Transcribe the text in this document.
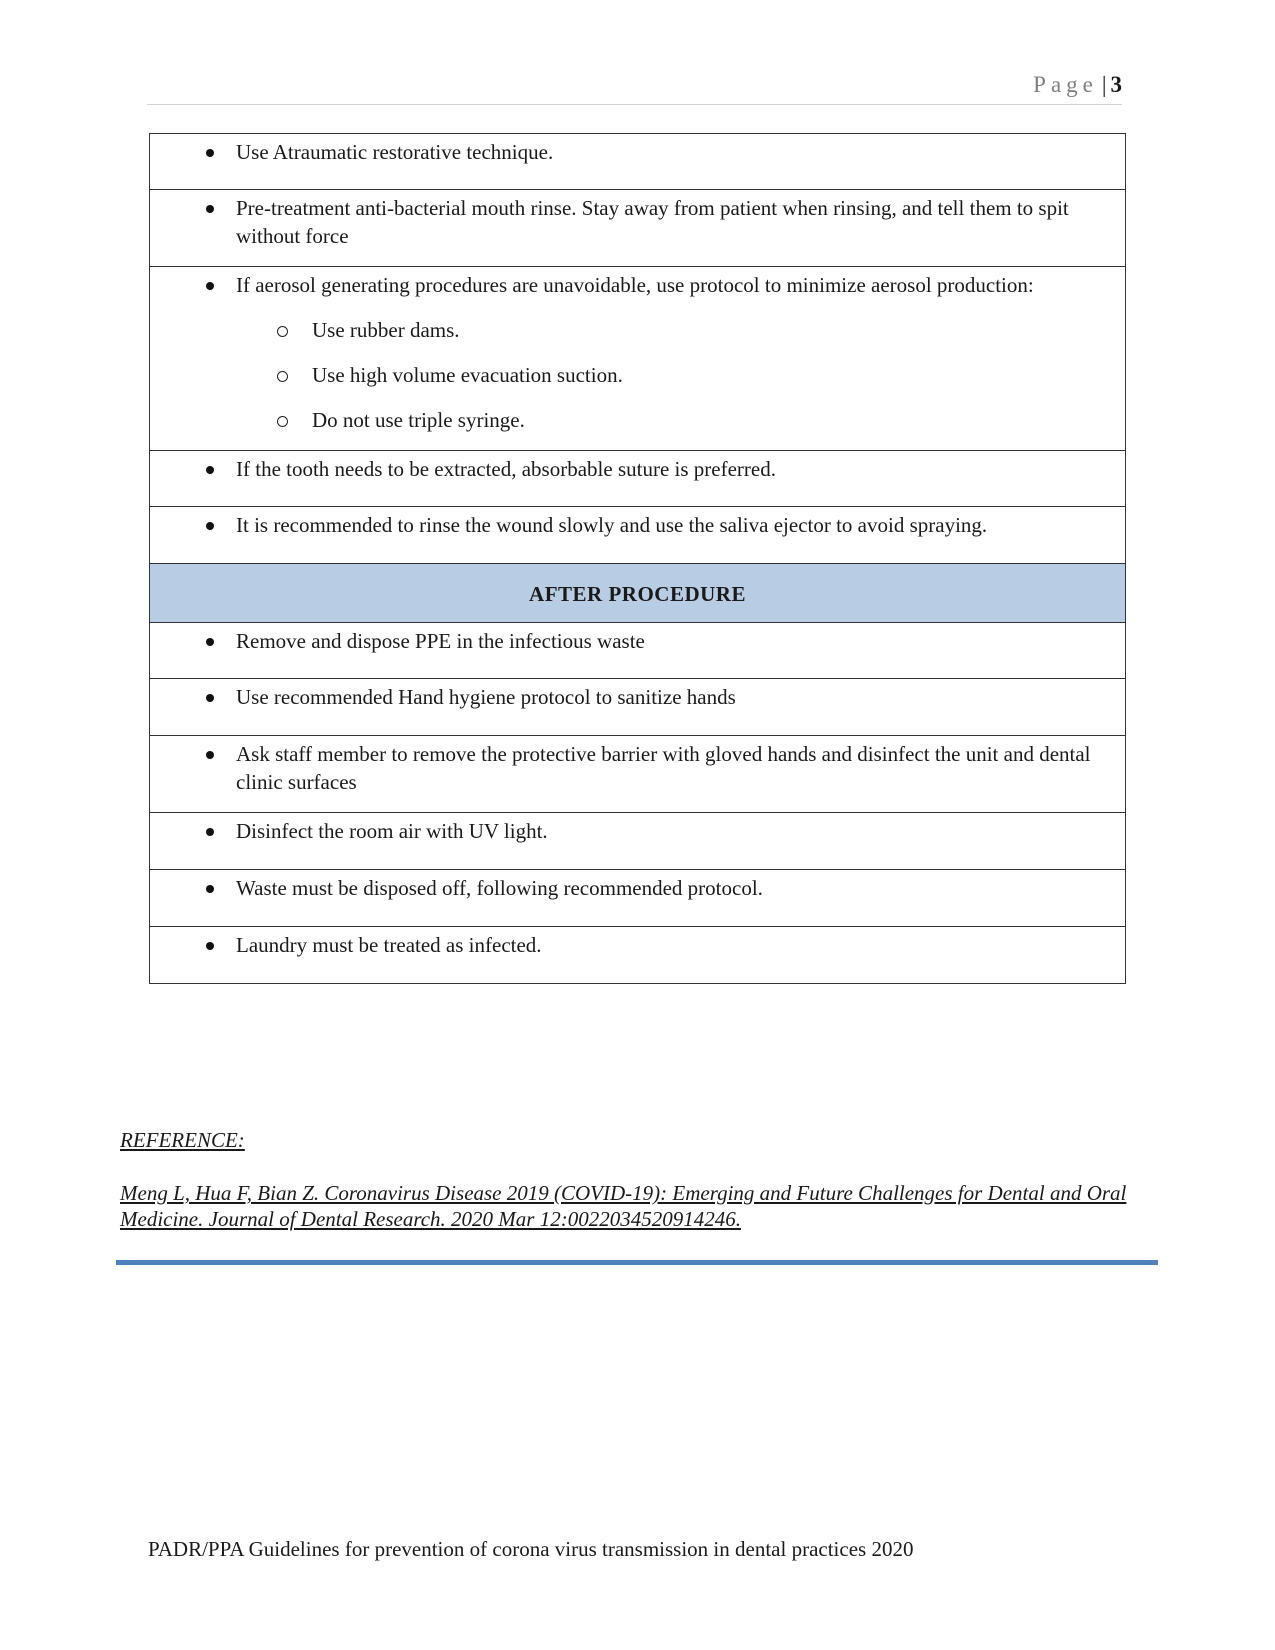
Page | 3
Use Atraumatic restorative technique.

Pre-treatment anti-bacterial mouth rinse. Stay away from patient when rinsing, and tell them to spit without force

If aerosol generating procedures are unavoidable, use protocol to minimize aerosol production:
Use rubber dams.
Use high volume evacuation suction.
Do not use triple syringe.

If the tooth needs to be extracted, absorbable suture is preferred.

It is recommended to rinse the wound slowly and use the saliva ejector to avoid spraying.

AFTER PROCEDURE

Remove and dispose PPE in the infectious waste

Use recommended Hand hygiene protocol to sanitize hands

Ask staff member to remove the protective barrier with gloved hands and disinfect the unit and dental clinic surfaces

Disinfect the room air with UV light.

Waste must be disposed off, following recommended protocol.

Laundry must be treated as infected.
REFERENCE:
Meng L, Hua F, Bian Z. Coronavirus Disease 2019 (COVID-19): Emerging and Future Challenges for Dental and Oral Medicine. Journal of Dental Research. 2020 Mar 12:0022034520914246.
PADR/PPA Guidelines for prevention of corona virus transmission in dental practices 2020
